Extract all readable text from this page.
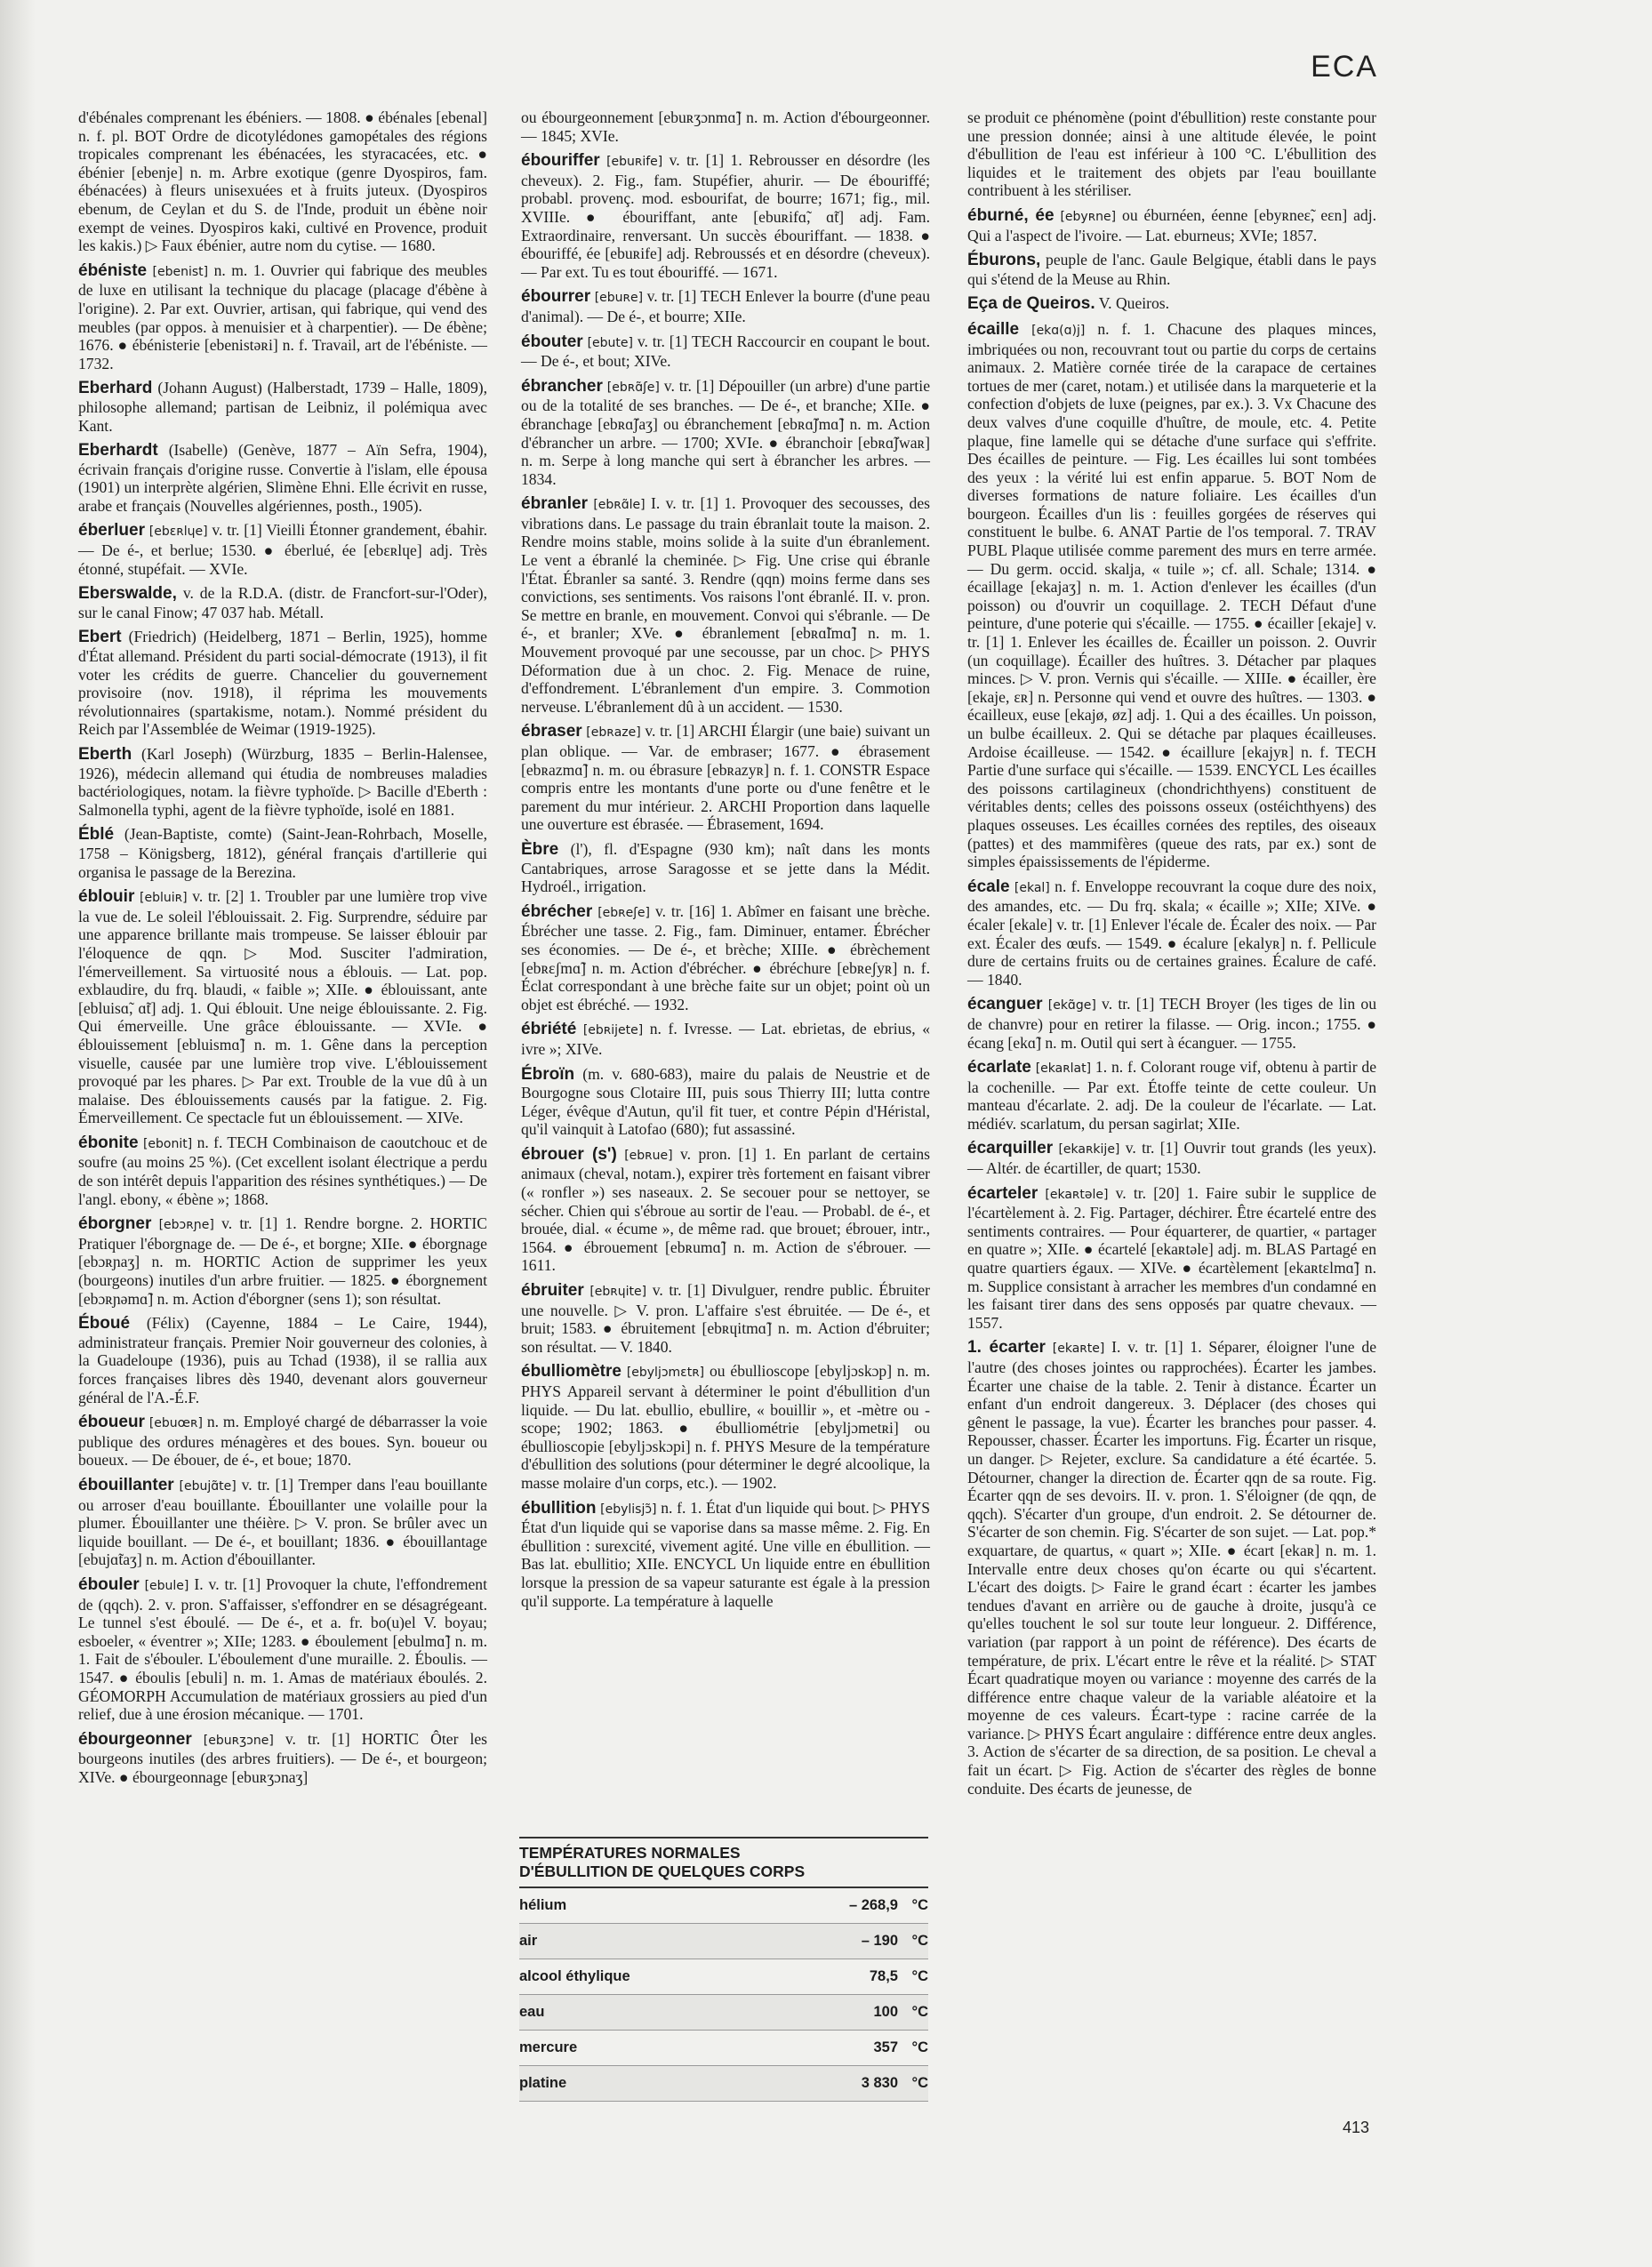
ECA

d'ébénales comprenant les ébéniers. — 1808. ● ébénales [ebenal] n. f. pl. BOT Ordre de dicotylédones gamopétales des régions tropicales comprenant les ébénacées, les styracacées, etc. ● ébénier [ebenje] n. m. Arbre exotique (genre Dyospiros, fam. ébénacées) à fleurs unisexuées et à fruits juteux. (Dyospiros ebenum, de Ceylan et du S. de l'Inde, produit un ébène noir exempt de veines. Dyospiros kaki, cultivé en Provence, produit les kakis.) ▷ Faux ébénier, autre nom du cytise. — 1680.

ébéniste [ebenist] n. m. 1. Ouvrier qui fabrique des meubles de luxe en utilisant la technique du placage (placage d'ébène à l'origine). 2. Par ext. Ouvrier, artisan, qui fabrique, qui vend des meubles (par oppos. à menuisier et à charpentier). — De ébène; 1676. ● ébénisterie [ebenistəʀi] n. f. Travail, art de l'ébéniste. — 1732.

Eberhard (Johann August) (Halberstadt, 1739 – Halle, 1809), philosophe allemand; partisan de Leibniz, il polémiqua avec Kant.

Eberhardt (Isabelle) (Genève, 1877 – Aïn Sefra, 1904), écrivain français d'origine russe. Convertie à l'islam, elle épousa (1901) un interprète algérien, Slimène Ehni. Elle écrivit en russe, arabe et français (Nouvelles algériennes, posth., 1905).

éberluer [ebɛʀlɥe] v. tr. [1] Vieilli Étonner grandement, ébahir. — De é-, et berlue; 1530. ● éberlué, ée [ebɛʀlɥe] adj. Très étonné, stupéfait. — XVIe.

Eberswalde, v. de la R.D.A. (distr. de Francfort-sur-l'Oder), sur le canal Finow; 47 037 hab. Métall.

Ebert (Friedrich) (Heidelberg, 1871 – Berlin, 1925), homme d'État allemand. Président du parti social-démocrate (1913), il fit voter les crédits de guerre. Chancelier du gouvernement provisoire (nov. 1918), il réprima les mouvements révolutionnaires (spartakisme, notam.). Nommé président du Reich par l'Assemblée de Weimar (1919-1925).

Eberth (Karl Joseph) (Würzburg, 1835 – Berlin-Halensee, 1926), médecin allemand qui étudia de nombreuses maladies bactériologiques, notam. la fièvre typhoïde. ▷ Bacille d'Eberth : Salmonella typhi, agent de la fièvre typhoïde, isolé en 1881.

Éblé (Jean-Baptiste, comte) (Saint-Jean-Rohrbach, Moselle, 1758 – Königsberg, 1812), général français d'artillerie qui organisa le passage de la Berezina.

éblouir [ebluiʀ] v. tr. [2] 1. Troubler par une lumière trop vive la vue de. Le soleil l'éblouissait. 2. Fig. Surprendre, séduire par une apparence brillante mais trompeuse. Se laisser éblouir par l'éloquence de qqn. ▷ Mod. Susciter l'admiration, l'émerveillement. Sa virtuosité nous a éblouis. — Lat. pop. exblaudire, du frq. blaudi, « faible »; XIIe. ● éblouissant, ante [ebluisɑ̃, ɑ̃t] adj. 1. Qui éblouit. Une neige éblouissante. 2. Fig. Qui émerveille. Une grâce éblouissante. — XVIe. ● éblouissement [ebluismɑ̃] n. m. 1. Gêne dans la perception visuelle, causée par une lumière trop vive. L'éblouissement provoqué par les phares. ▷ Par ext. Trouble de la vue dû à un malaise. Des éblouissements causés par la fatigue. 2. Fig. Émerveillement. Ce spectacle fut un éblouissement. — XIVe.

ébonite [ebonit] n. f. TECH Combinaison de caoutchouc et de soufre (au moins 25 %). (Cet excellent isolant électrique a perdu de son intérêt depuis l'apparition des résines synthétiques.) — De l'angl. ebony, « ébène »; 1868.

éborgner [ebɔʀɲe] v. tr. [1] 1. Rendre borgne. 2. HORTIC Pratiquer l'éborgnage de. — De é-, et borgne; XIIe. ● éborgnage [ebɔʀɲaʒ] n. m. HORTIC Action de supprimer les yeux (bourgeons) inutiles d'un arbre fruitier. — 1825. ● éborgnement [ebɔʀɲəmɑ̃] n. m. Action d'éborgner (sens 1); son résultat.

Éboué (Félix) (Cayenne, 1884 – Le Caire, 1944), administrateur français. Premier Noir gouverneur des colonies, à la Guadeloupe (1936), puis au Tchad (1938), il se rallia aux forces françaises libres dès 1940, devenant alors gouverneur général de l'A.-É.F.

éboueur [ebuœʀ] n. m. Employé chargé de débarrasser la voie publique des ordures ménagères et des boues. Syn. boueur ou boueux. — De ébouer, de é-, et boue; 1870.

ébouillanter [ebujɑ̃te] v. tr. [1] Tremper dans l'eau bouillante ou arroser d'eau bouillante. Ébouillanter une volaille pour la plumer. Ébouillanter une théière. ▷ V. pron. Se brûler avec un liquide bouillant. — De é-, et bouillant; 1836. ● ébouillantage [ebujɑ̃taʒ] n. m. Action d'ébouillanter.

ébouler [ebule] I. v. tr. [1] Provoquer la chute, l'effondrement de (qqch). 2. v. pron. S'affaisser, s'effondrer en se désagrégeant. Le tunnel s'est éboulé. — De é-, et a. fr. bo(u)el V. boyau; esboeler, « éventrer »; XIIe; 1283. ● éboulement [ebulmɑ̃] n. m. 1. Fait de s'ébouler. L'éboulement d'une muraille. 2. Éboulis. — 1547. ● éboulis [ebuli] n. m. 1. Amas de matériaux éboulés. 2. GÉOMORPH Accumulation de matériaux grossiers au pied d'un relief, due à une érosion mécanique. — 1701.

ébourgeonner [ebuʀʒɔne] v. tr. [1] HORTIC Ôter les bourgeons inutiles (des arbres fruitiers). — De é-, et bourgeon; XIVe. ● ébourgeonnage [ebuʀʒɔnaʒ]

ou ébourgeonnement [ebuʀʒɔnmɑ̃] n. m. Action d'ébourgeonner. — 1845; XVIe.

ébouriffer [ebuʀife] v. tr. [1] 1. Rebrousser en désordre (les cheveux). 2. Fig., fam. Stupéfier, ahurir. — De ébouriffé; probabl. provenç. mod. esbourifat, de bourre; 1671; fig., mil. XVIIIe. ● ébouriffant, ante [ebuʀifɑ̃, ɑ̃t] adj. Fam. Extraordinaire, renversant. Un succès ébouriffant. — 1838. ● ébouriffé, ée [ebuʀife] adj. Rebroussés et en désordre (cheveux). — Par ext. Tu es tout ébouriffé. — 1671.

ébourrer [ebuʀe] v. tr. [1] TECH Enlever la bourre (d'une peau d'animal). — De é-, et bourre; XIIe.

ébouter [ebute] v. tr. [1] TECH Raccourcir en coupant le bout. — De é-, et bout; XIVe.

ébrancher [ebʀɑ̃ʃe] v. tr. [1] Dépouiller (un arbre) d'une partie ou de la totalité de ses branches. — De é-, et branche; XIIe. ● ébranchage [ebʀɑ̃ʃaʒ] ou ébranchement [ebʀɑ̃ʃmɑ̃] n. m. Action d'ébrancher un arbre. — 1700; XVIe. ● ébranchoir [ebʀɑ̃ʃwaʀ] n. m. Serpe à long manche qui sert à ébrancher les arbres. — 1834.

ébranler [ebʀɑ̃le] I. v. tr. [1] 1. Provoquer des secousses, des vibrations dans. Le passage du train ébranlait toute la maison. 2. Rendre moins stable, moins solide à la suite d'un ébranlement. Le vent a ébranlé la cheminée. ▷ Fig. Une crise qui ébranle l'État. Ébranler sa santé. 3. Rendre (qqn) moins ferme dans ses convictions, ses sentiments. Vos raisons l'ont ébranlé. II. v. pron. Se mettre en branle, en mouvement. Convoi qui s'ébranle. — De é-, et branler; XVe. ● ébranlement [ebʀɑ̃lmɑ̃] n. m. 1. Mouvement provoqué par une secousse, par un choc. ▷ PHYS Déformation due à un choc. 2. Fig. Menace de ruine, d'effondrement. L'ébranlement d'un empire. 3. Commotion nerveuse. L'ébranlement dû à un accident. — 1530.

ébraser [ebʀaze] v. tr. [1] ARCHI Élargir (une baie) suivant un plan oblique. — Var. de embraser; 1677. ● ébrasement [ebʀazmɑ̃] n. m. ou ébrasure [ebʀazyʀ] n. f. 1. CONSTR Espace compris entre les montants d'une porte ou d'une fenêtre et le parement du mur intérieur. 2. ARCHI Proportion dans laquelle une ouverture est ébrasée. — Ébrasement, 1694.

Èbre (l'), fl. d'Espagne (930 km); naît dans les monts Cantabriques, arrose Saragosse et se jette dans la Médit. Hydroél., irrigation.

ébrécher [ebʀeʃe] v. tr. [16] 1. Abîmer en faisant une brèche. Ébrécher une tasse. 2. Fig., fam. Diminuer, entamer. Ébrécher ses économies. — De é-, et brèche; XIIIe. ● ébrèchement [ebʀɛʃmɑ̃] n. m. Action d'ébrécher. ● ébréchure [ebʀeʃyʀ] n. f. Éclat correspondant à une brèche faite sur un objet; point où un objet est ébréché. — 1932.

ébriété [ebʀijete] n. f. Ivresse. — Lat. ebrietas, de ebrius, « ivre »; XIVe.

Ébroïn (m. v. 680-683), maire du palais de Neustrie et de Bourgogne sous Clotaire III, puis sous Thierry III; lutta contre Léger, évêque d'Autun, qu'il fit tuer, et contre Pépin d'Héristal, qu'il vainquit à Latofao (680); fut assassiné.

ébrouer (s') [ebʀue] v. pron. [1] 1. En parlant de certains animaux (cheval, notam.), expirer très fortement en faisant vibrer (« ronfler ») ses naseaux. 2. Se secouer pour se nettoyer, se sécher. Chien qui s'ébroue au sortir de l'eau. — Probabl. de é-, et brouée, dial. « écume », de même rad. que brouet; ébrouer, intr., 1564. ● ébrouement [ebʀumɑ̃] n. m. Action de s'ébrouer. — 1611.

ébruiter [ebʀɥite] v. tr. [1] Divulguer, rendre public. Ébruiter une nouvelle. ▷ V. pron. L'affaire s'est ébruitée. — De é-, et bruit; 1583. ● ébruitement [ebʀɥitmɑ̃] n. m. Action d'ébruiter; son résultat. — V. 1840.

ébulliomètre [ebyljɔmɛtʀ] ou ébullioscope [ebyljɔskɔp] n. m. PHYS Appareil servant à déterminer le point d'ébullition d'un liquide. — Du lat. ebullio, ebullire, « bouillir », et -mètre ou -scope; 1902; 1863. ● ébulliométrie [ebyljɔmetʀi] ou ébullioscopie [ebyljɔskɔpi] n. f. PHYS Mesure de la température d'ébullition des solutions (pour déterminer le degré alcoolique, la masse molaire d'un corps, etc.). — 1902.

ébullition [ebylisjɔ̃] n. f. 1. État d'un liquide qui bout. ▷ PHYS État d'un liquide qui se vaporise dans sa masse même. 2. Fig. En ébullition : surexcité, vivement agité. Une ville en ébullition. — Bas lat. ebullitio; XIIe. ENCYCL Un liquide entre en ébullition lorsque la pression de sa vapeur saturante est égale à la pression qu'il supporte. La température à laquelle

se produit ce phénomène (point d'ébullition) reste constante pour une pression donnée; ainsi à une altitude élevée, le point d'ébullition de l'eau est inférieur à 100 °C. L'ébullition des liquides et le traitement des objets par l'eau bouillante contribuent à les stériliser.

éburné, ée [ebyʀne] ou éburnéen, éenne [ebyʀneɛ̃, eɛn] adj. Qui a l'aspect de l'ivoire. — Lat. eburneus; XVIe; 1857.

Éburons, peuple de l'anc. Gaule Belgique, établi dans le pays qui s'étend de la Meuse au Rhin.

Eça de Queiros. V. Queiros.

écaille [ekɑ(ɑ)j] n. f. 1. Chacune des plaques minces, imbriquées ou non, recouvrant tout ou partie du corps de certains animaux. 2. Matière cornée tirée de la carapace de certaines tortues de mer (caret, notam.) et utilisée dans la marqueterie et la confection d'objets de luxe (peignes, par ex.). 3. Vx Chacune des deux valves d'une coquille d'huître, de moule, etc. 4. Petite plaque, fine lamelle qui se détache d'une surface qui s'effrite. Des écailles de peinture. — Fig. Les écailles lui sont tombées des yeux : la vérité lui est enfin apparue. 5. BOT Nom de diverses formations de nature foliaire. Les écailles d'un bourgeon. Écailles d'un lis : feuilles gorgées de réserves qui constituent le bulbe. 6. ANAT Partie de l'os temporal. 7. TRAV PUBL Plaque utilisée comme parement des murs en terre armée. — Du germ. occid. skalja, « tuile »; cf. all. Schale; 1314. ● écaillage [ekajaʒ] n. m. 1. Action d'enlever les écailles (d'un poisson) ou d'ouvrir un coquillage. 2. TECH Défaut d'une peinture, d'une poterie qui s'écaille. — 1755. ● écailler [ekaje] v. tr. [1] 1. Enlever les écailles de. Écailler un poisson. 2. Ouvrir (un coquillage). Écailler des huîtres. 3. Détacher par plaques minces. ▷ V. pron. Vernis qui s'écaille. — XIIIe. ● écailler, ère [ekaje, ɛʀ] n. Personne qui vend et ouvre des huîtres. — 1303. ● écailleux, euse [ekajø, øz] adj. 1. Qui a des écailles. Un poisson, un bulbe écailleux. 2. Qui se détache par plaques écailleuses. Ardoise écailleuse. — 1542. ● écaillure [ekajyʀ] n. f. TECH Partie d'une surface qui s'écaille. — 1539. ENCYCL Les écailles des poissons cartilagineux (chondrichthyens) constituent de véritables dents; celles des poissons osseux (ostéichthyens) des plaques osseuses. Les écailles cornées des reptiles, des oiseaux (pattes) et des mammifères (queue des rats, par ex.) sont de simples épaississements de l'épiderme.

écale [ekal] n. f. Enveloppe recouvrant la coque dure des noix, des amandes, etc. — Du frq. skala; « écaille »; XIIe; XIVe. ● écaler [ekale] v. tr. [1] Enlever l'écale de. Écaler des noix. — Par ext. Écaler des œufs. — 1549. ● écalure [ekalyʀ] n. f. Pellicule dure de certains fruits ou de certaines graines. Écalure de café. — 1840.

écanguer [ekɑ̃ge] v. tr. [1] TECH Broyer (les tiges de lin ou de chanvre) pour en retirer la filasse. — Orig. incon.; 1755. ● écang [ekɑ̃] n. m. Outil qui sert à écanguer. — 1755.

écarlate [ekaʀlat] 1. n. f. Colorant rouge vif, obtenu à partir de la cochenille. — Par ext. Étoffe teinte de cette couleur. Un manteau d'écarlate. 2. adj. De la couleur de l'écarlate. — Lat. médiév. scarlatum, du persan sagirlat; XIIe.

écarquiller [ekaʀkije] v. tr. [1] Ouvrir tout grands (les yeux). — Altér. de écartiller, de quart; 1530.

écarteler [ekaʀtəle] v. tr. [20] 1. Faire subir le supplice de l'écartèlement à. 2. Fig. Partager, déchirer. Être écartelé entre des sentiments contraires. — Pour équarterer, de quartier, « partager en quatre »; XIIe. ● écartelé [ekaʀtəle] adj. m. BLAS Partagé en quatre quartiers égaux. — XIVe. ● écartèlement [ekaʀtɛlmɑ̃] n. m. Supplice consistant à arracher les membres d'un condamné en les faisant tirer dans des sens opposés par quatre chevaux. — 1557.

1. écarter [ekaʀte] I. v. tr. [1] 1. Séparer, éloigner l'une de l'autre (des choses jointes ou rapprochées). Écarter les jambes. Écarter une chaise de la table. 2. Tenir à distance. Écarter un enfant d'un endroit dangereux. 3. Déplacer (des choses qui gênent le passage, la vue). Écarter les branches pour passer. 4. Repousser, chasser. Écarter les importuns. Fig. Écarter un risque, un danger. ▷ Rejeter, exclure. Sa candidature a été écartée. 5. Détourner, changer la direction de. Écarter qqn de sa route. Fig. Écarter qqn de ses devoirs. II. v. pron. 1. S'éloigner (de qqn, de qqch). S'écarter d'un groupe, d'un endroit. 2. Se détourner de. S'écarter de son chemin. Fig. S'écarter de son sujet. — Lat. pop.* exquartare, de quartus, « quart »; XIIe. ● écart [ekaʀ] n. m. 1. Intervalle entre deux choses qu'on écarte ou qui s'écartent. L'écart des doigts. ▷ Faire le grand écart : écarter les jambes tendues d'avant en arrière ou de gauche à droite, jusqu'à ce qu'elles touchent le sol sur toute leur longueur. 2. Différence, variation (par rapport à un point de référence). Des écarts de température, de prix. L'écart entre le rêve et la réalité. ▷ STAT Écart quadratique moyen ou variance : moyenne des carrés de la différence entre chaque valeur de la variable aléatoire et la moyenne de ces valeurs. Écart-type : racine carrée de la variance. ▷ PHYS Écart angulaire : différence entre deux angles. 3. Action de s'écarter de sa direction, de sa position. Le cheval a fait un écart. ▷ Fig. Action de s'écarter des règles de bonne conduite. Des écarts de jeunesse, de

TEMPÉRATURES NORMALES
D'ÉBULLITION DE QUELQUES CORPS
hélium	– 268,9 °C
air	– 190 °C
alcool éthylique	78,5 °C
eau	100 °C
mercure	357 °C
platine	3 830 °C
413
